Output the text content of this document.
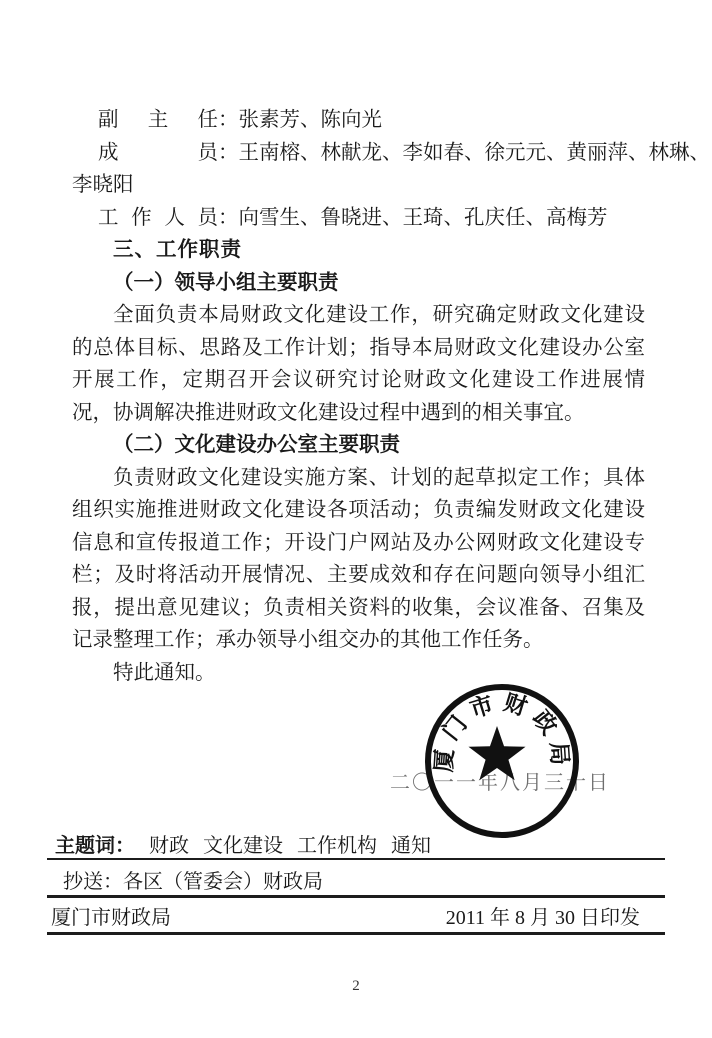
副主任：张素芳、陈向光
成员：王南榕、林献龙、李如春、徐元元、黄丽萍、林琳、
李晓阳
工作人员：向雪生、鲁晓进、王琦、孔庆任、高梅芳
三、工作职责
（一）领导小组主要职责

全面负责本局财政文化建设工作，研究确定财政文化建设的总体目标、思路及工作计划；指导本局财政文化建设办公室开展工作，定期召开会议研究讨论财政文化建设工作进展情况，协调解决推进财政文化建设过程中遇到的相关事宜。

（二）文化建设办公室主要职责

负责财政文化建设实施方案、计划的起草拟定工作；具体组织实施推进财政文化建设各项活动；负责编发财政文化建设信息和宣传报道工作；开设门户网站及办公网财政文化建设专栏；及时将活动开展情况、主要成效和存在问题向领导小组汇报，提出意见建议；负责相关资料的收集，会议准备、召集及记录整理工作；承办领导小组交办的其他工作任务。

特此通知。

二〇一一年八月三十日
厦门市财政局
主题词： 财政 文化建设 工作机构 通知
抄送：各区（管委会）财政局
厦门市财政局	2011 年 8 月 30 日印发
2
